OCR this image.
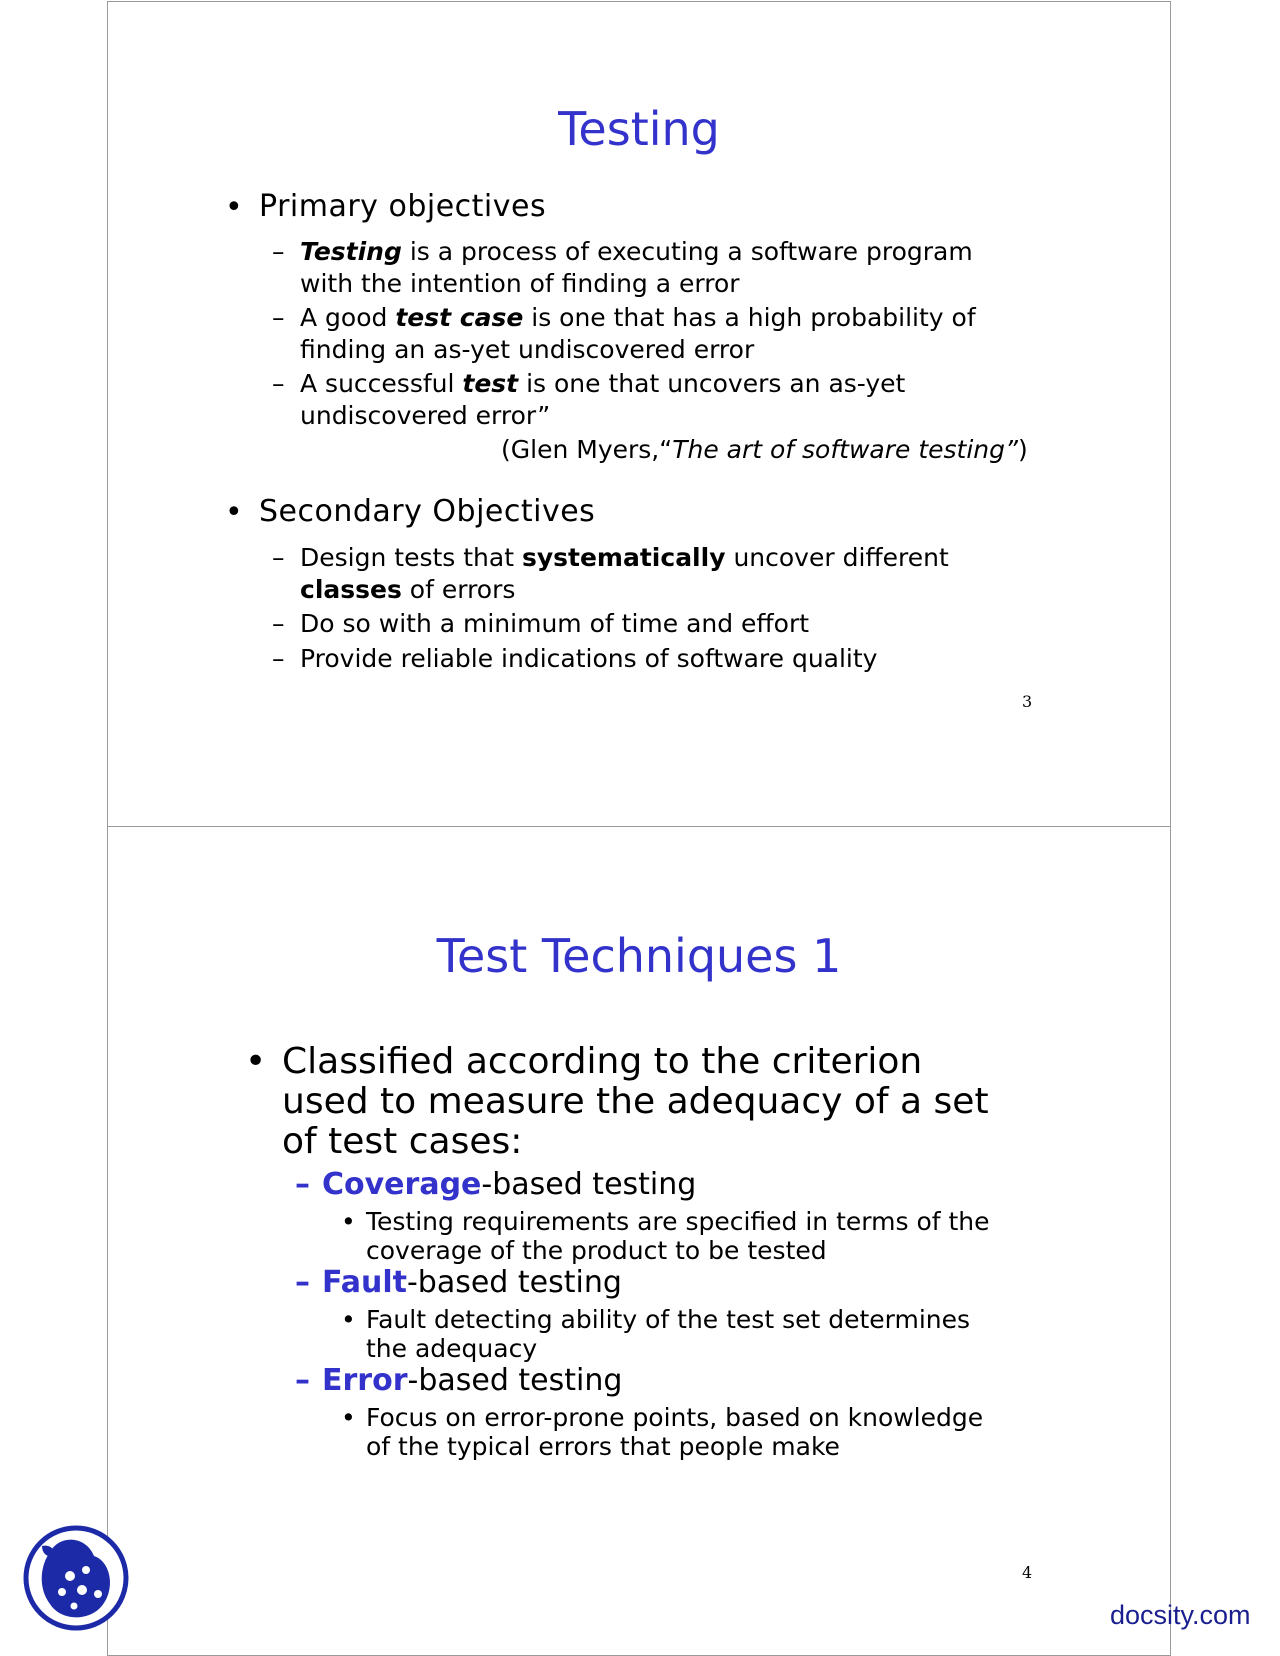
Testing
• Primary objectives
– Testing is a process of executing a software program
with the intention of finding a error
– A good test case is one that has a high probability of
finding an as-yet undiscovered error
– A successful test is one that uncovers an as-yet
undiscovered error”
(Glen Myers,“The art of software testing”)
• Secondary Objectives
– Design tests that systematically uncover different
classes of errors
– Do so with a minimum of time and effort
– Provide reliable indications of software quality
3
Test Techniques 1
• Classified according to the criterion
used to measure the adequacy of a set
of test cases:
– Coverage-based testing
• Testing requirements are specified in terms of the
coverage of the product to be tested
– Fault-based testing
• Fault detecting ability of the test set determines
the adequacy
– Error-based testing
• Focus on error-prone points, based on knowledge
of the typical errors that people make
4
docsity.com
